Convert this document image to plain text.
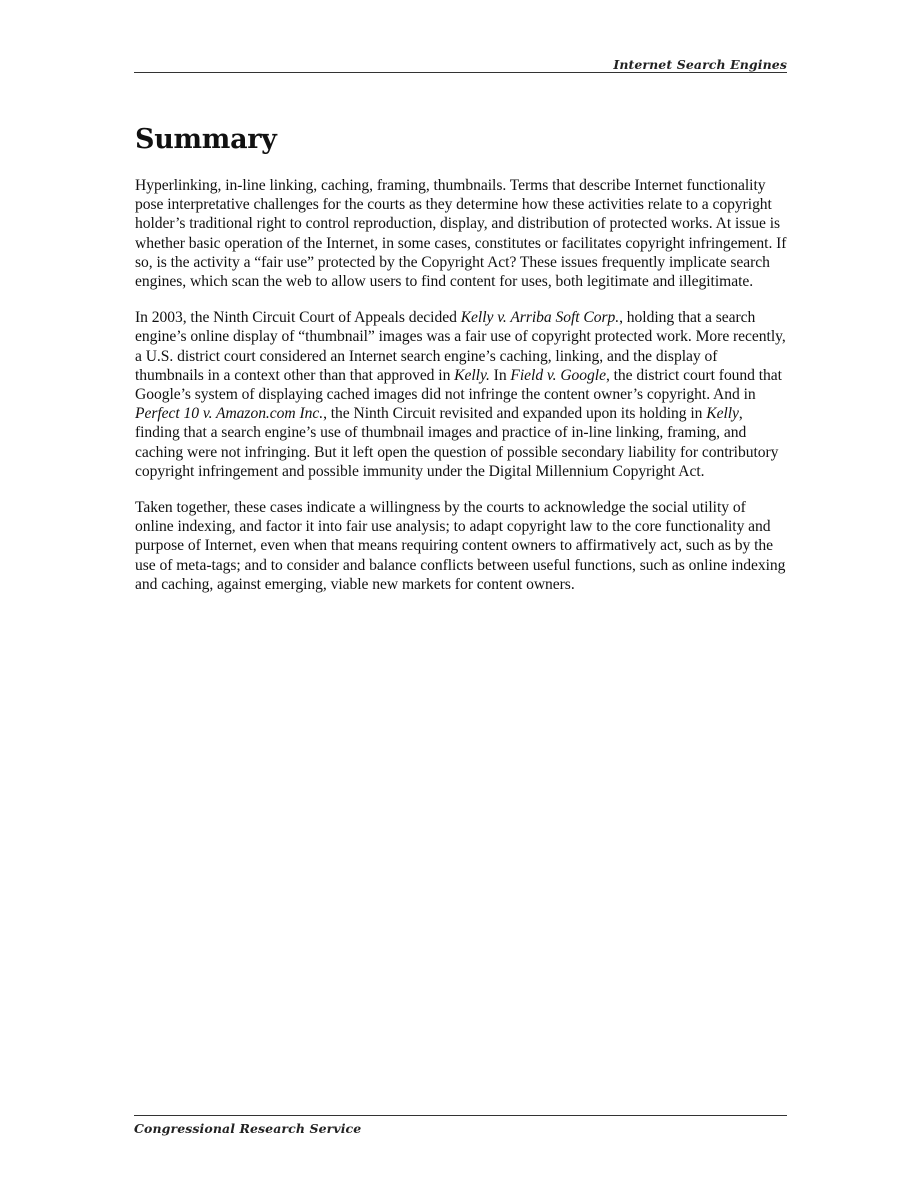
Internet Search Engines
Summary

Hyperlinking, in-line linking, caching, framing, thumbnails. Terms that describe Internet functionality pose interpretative challenges for the courts as they determine how these activities relate to a copyright holder’s traditional right to control reproduction, display, and distribution of protected works. At issue is whether basic operation of the Internet, in some cases, constitutes or facilitates copyright infringement. If so, is the activity a “fair use” protected by the Copyright Act? These issues frequently implicate search engines, which scan the web to allow users to find content for uses, both legitimate and illegitimate.

In 2003, the Ninth Circuit Court of Appeals decided Kelly v. Arriba Soft Corp., holding that a search engine’s online display of “thumbnail” images was a fair use of copyright protected work. More recently, a U.S. district court considered an Internet search engine’s caching, linking, and the display of thumbnails in a context other than that approved in Kelly. In Field v. Google, the district court found that Google’s system of displaying cached images did not infringe the content owner’s copyright. And in Perfect 10 v. Amazon.com Inc., the Ninth Circuit revisited and expanded upon its holding in Kelly, finding that a search engine’s use of thumbnail images and practice of in-line linking, framing, and caching were not infringing. But it left open the question of possible secondary liability for contributory copyright infringement and possible immunity under the Digital Millennium Copyright Act.

Taken together, these cases indicate a willingness by the courts to acknowledge the social utility of online indexing, and factor it into fair use analysis; to adapt copyright law to the core functionality and purpose of Internet, even when that means requiring content owners to affirmatively act, such as by the use of meta-tags; and to consider and balance conflicts between useful functions, such as online indexing and caching, against emerging, viable new markets for content owners.

Congressional Research Service
